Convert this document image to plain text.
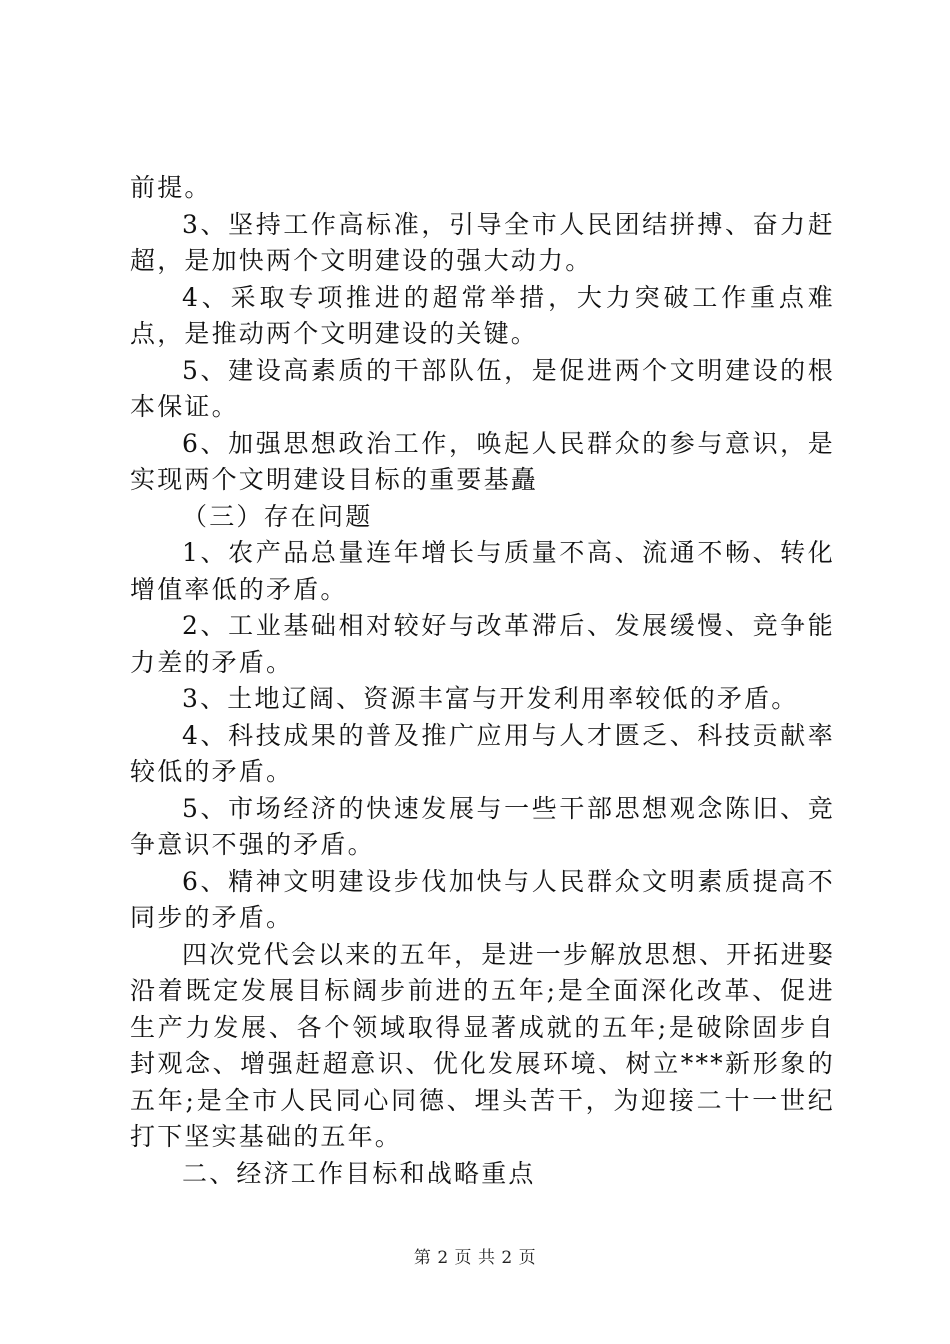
前提。

3、坚持工作高标准，引导全市人民团结拼搏、奋力赶超，是加快两个文明建设的强大动力。

4、采取专项推进的超常举措，大力突破工作重点难点，是推动两个文明建设的关键。

5、建设高素质的干部队伍，是促进两个文明建设的根本保证。

6、加强思想政治工作，唤起人民群众的参与意识，是实现两个文明建设目标的重要基矗

（三）存在问题

1、农产品总量连年增长与质量不高、流通不畅、转化增值率低的矛盾。

2、工业基础相对较好与改革滞后、发展缓慢、竞争能力差的矛盾。

3、土地辽阔、资源丰富与开发利用率较低的矛盾。

4、科技成果的普及推广应用与人才匮乏、科技贡献率较低的矛盾。

5、市场经济的快速发展与一些干部思想观念陈旧、竞争意识不强的矛盾。

6、精神文明建设步伐加快与人民群众文明素质提高不同步的矛盾。

四次党代会以来的五年，是进一步解放思想、开拓进娶沿着既定发展目标阔步前进的五年;是全面深化改革、促进生产力发展、各个领域取得显著成就的五年;是破除固步自封观念、增强赶超意识、优化发展环境、树立***新形象的五年;是全市人民同心同德、埋头苦干，为迎接二十一世纪打下坚实基础的五年。

二、经济工作目标和战略重点

第 2 页 共 2 页
